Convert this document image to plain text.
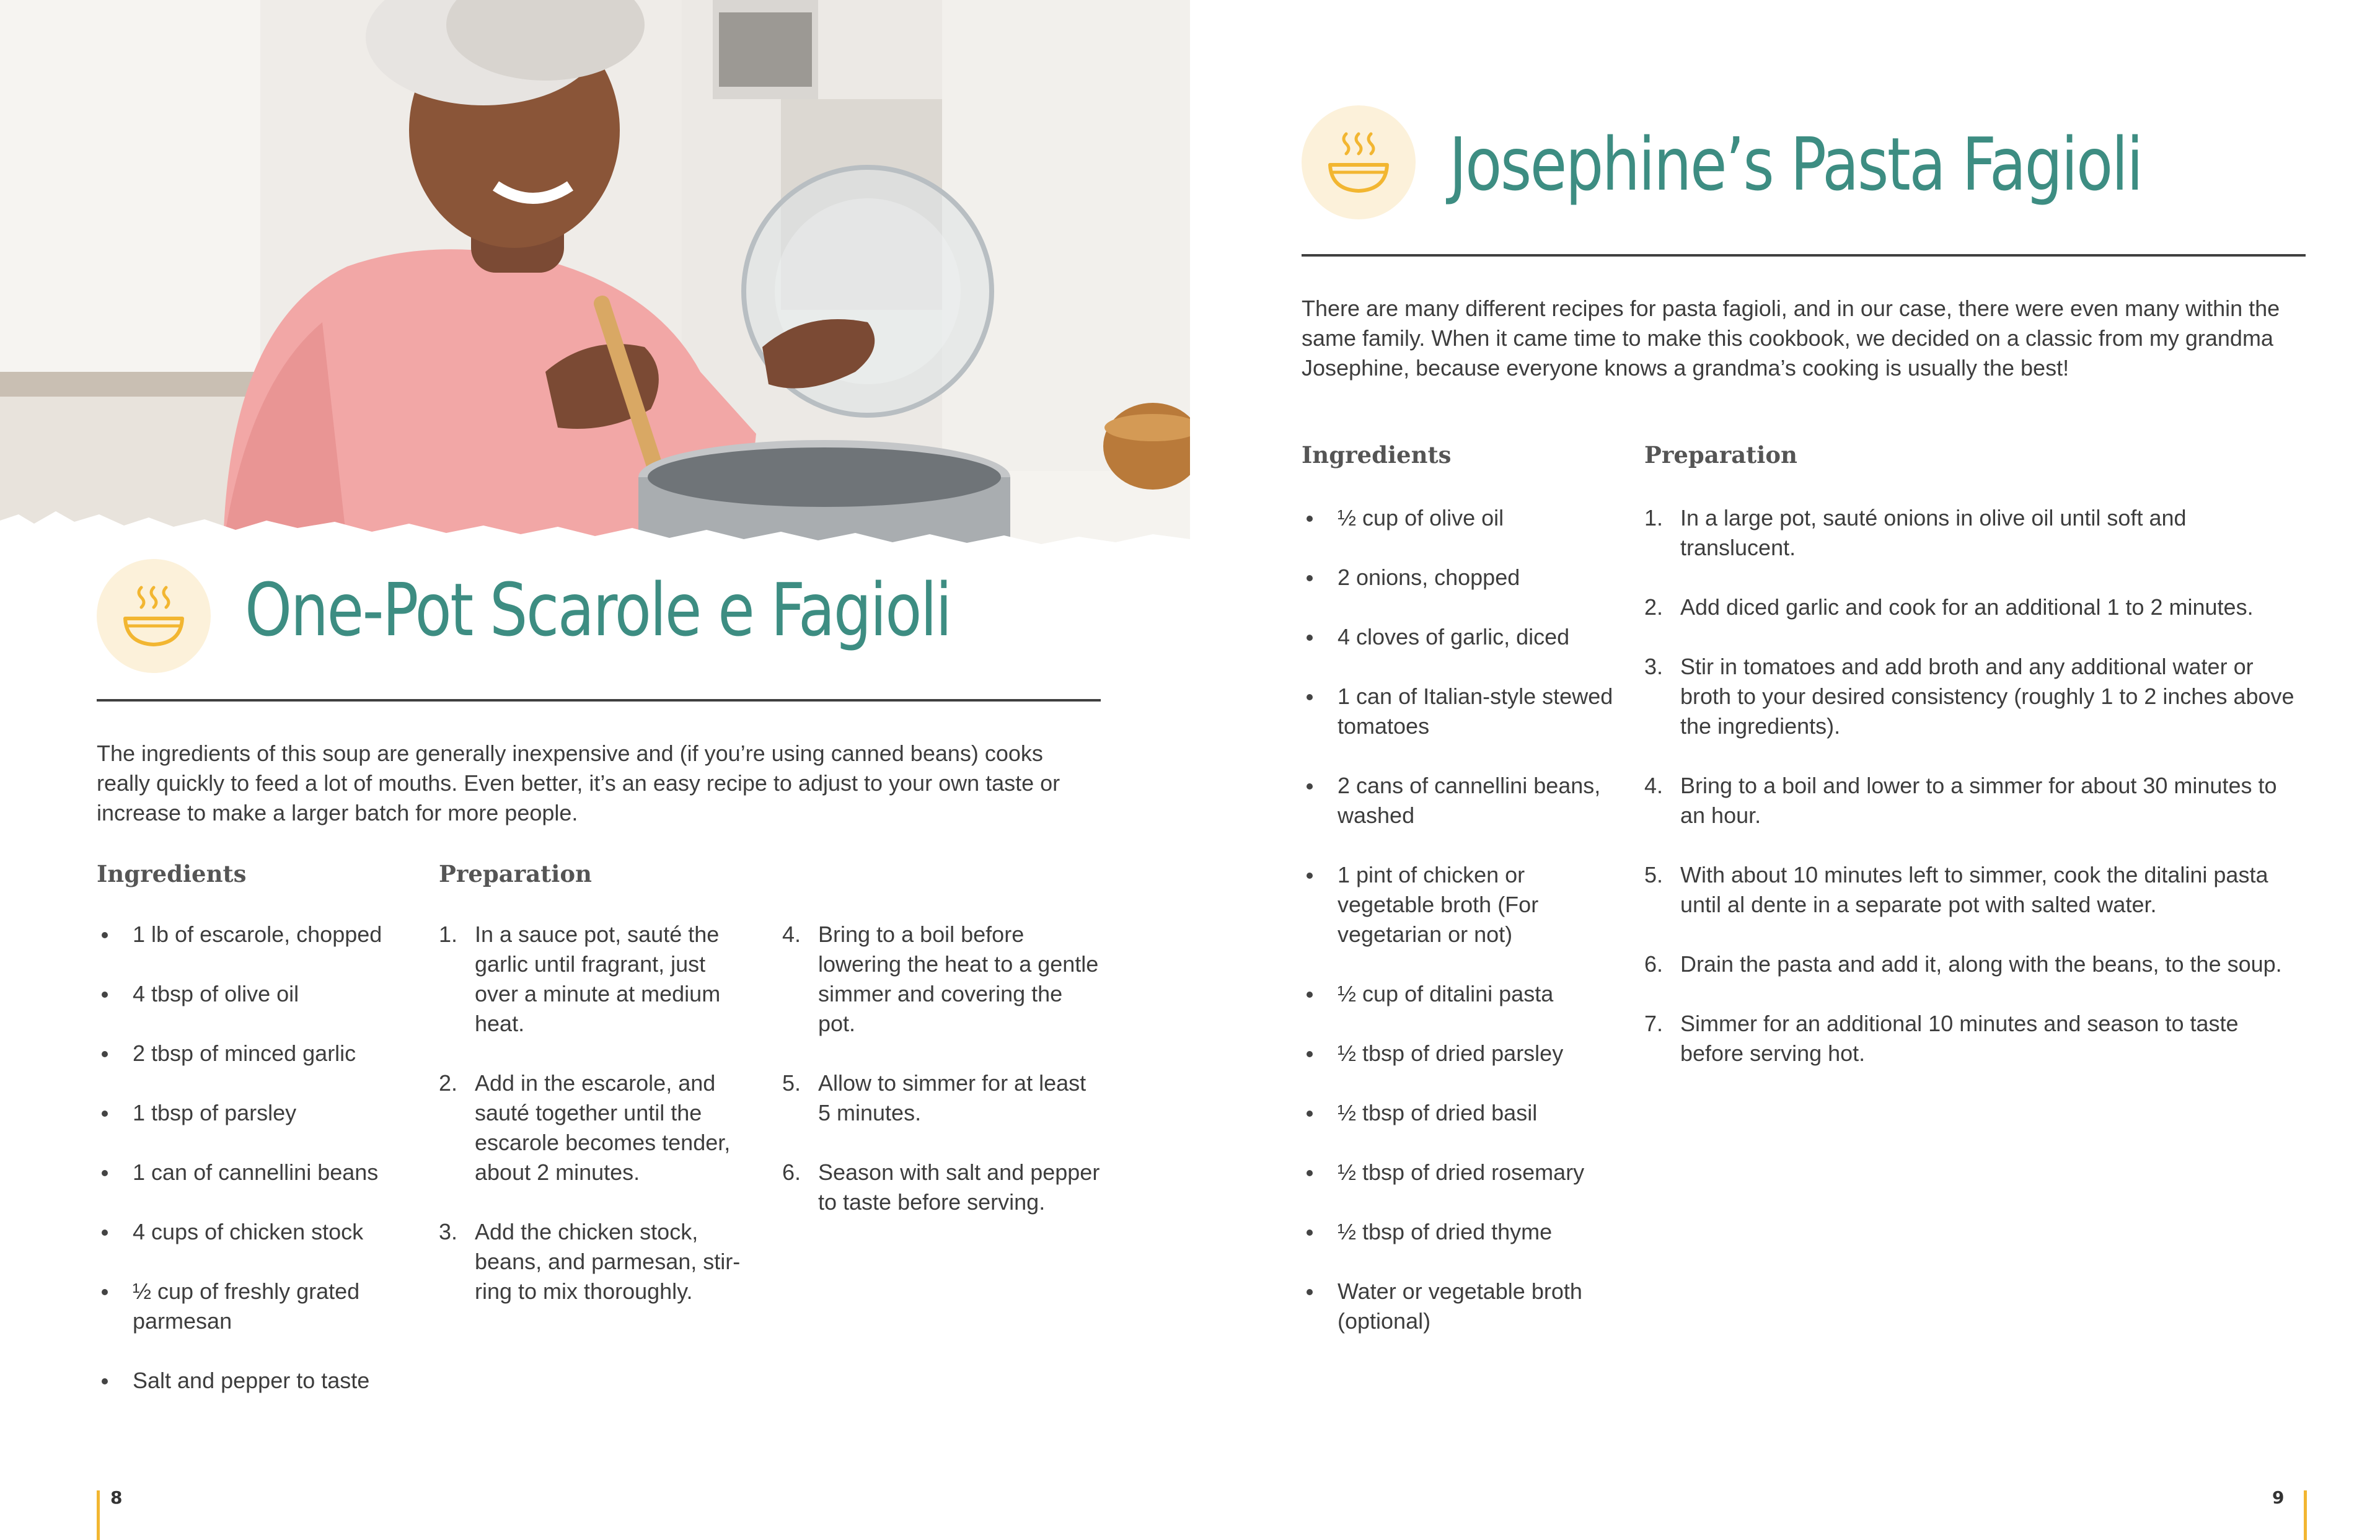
One-Pot Scarole e Fagioli
The ingredients of this soup are generally inexpensive and (if you’re using canned beans) cooks really quickly to feed a lot of mouths. Even better, it’s an easy recipe to adjust to your own taste or increase to make a larger batch for more people.
Ingredients	Preparation
1 lb of escarole, chopped
4 tbsp of olive oil
2 tbsp of minced garlic
1 tbsp of parsley
1 can of cannellini beans
4 cups of chicken stock
½ cup of freshly grated parmesan
Salt and pepper to taste
1. In a sauce pot, sauté the garlic until fragrant, just over a minute at medium heat.
2. Add in the escarole, and sauté together until the escarole becomes tender, about 2 minutes.
3. Add the chicken stock, beans, and parmesan, stir-ring to mix thoroughly.
4. Bring to a boil before lowering the heat to a gentle simmer and covering the pot.
5. Allow to simmer for at least 5 minutes.
6. Season with salt and pepper to taste before serving.
8
Josephine’s Pasta Fagioli
There are many different recipes for pasta fagioli, and in our case, there were even many within the same family. When it came time to make this cookbook, we decided on a classic from my grandma Josephine, because everyone knows a grandma’s cooking is usually the best!
Ingredients	Preparation
½ cup of olive oil
2 onions, chopped
4 cloves of garlic, diced
1 can of Italian-style stewed tomatoes
2 cans of cannellini beans, washed
1 pint of chicken or vegetable broth (For vegetarian or not)
½ cup of ditalini pasta
½ tbsp of dried parsley
½ tbsp of dried basil
½ tbsp of dried rosemary
½ tbsp of dried thyme
Water or vegetable broth (optional)
1. In a large pot, sauté onions in olive oil until soft and translucent.
2. Add diced garlic and cook for an additional 1 to 2 minutes.
3. Stir in tomatoes and add broth and any additional water or broth to your desired consistency (roughly 1 to 2 inches above the ingredients).
4. Bring to a boil and lower to a simmer for about 30 minutes to an hour.
5. With about 10 minutes left to simmer, cook the ditalini pasta until al dente in a separate pot with salted water.
6. Drain the pasta and add it, along with the beans, to the soup.
7. Simmer for an additional 10 minutes and season to taste before serving hot.
9
